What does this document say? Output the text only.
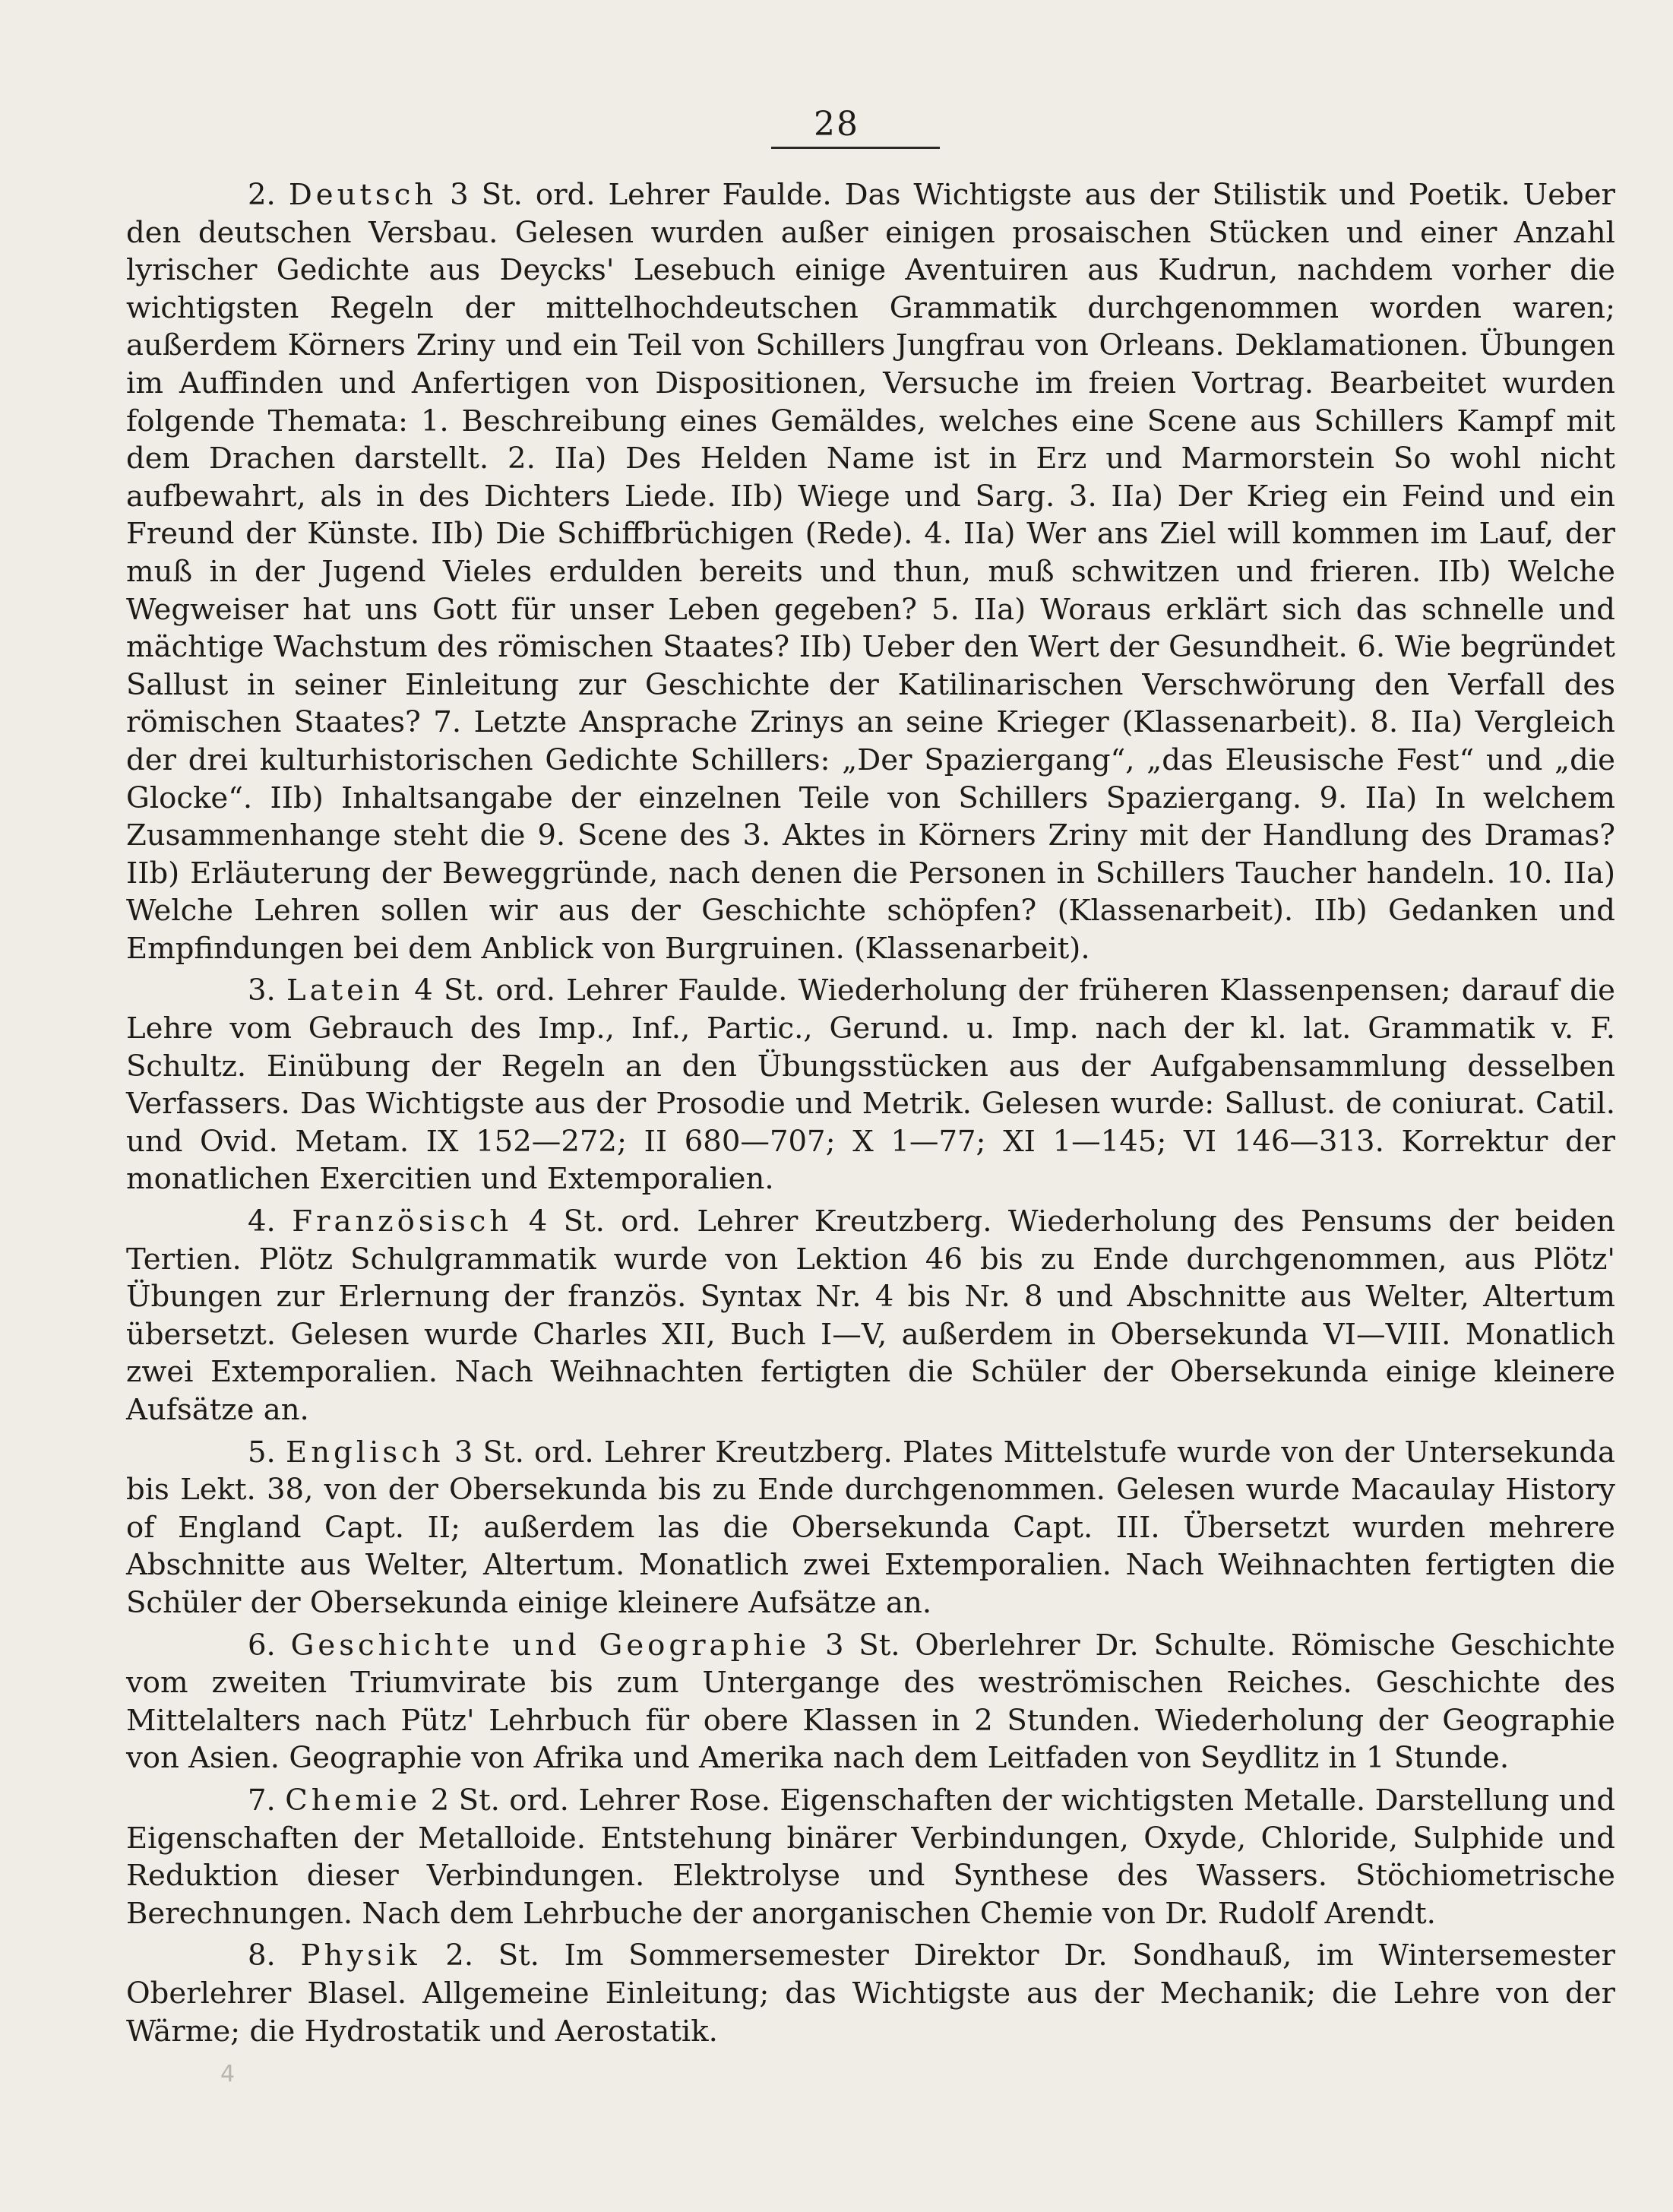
28

2. Deutsch 3 St. ord. Lehrer Faulde. Das Wichtigste aus der Stilistik und Poetik. Ueber den deutschen Versbau. Gelesen wurden außer einigen prosaischen Stücken und einer Anzahl lyrischer Gedichte aus Deycks' Lesebuch einige Aventuiren aus Kudrun, nachdem vorher die wichtigsten Regeln der mittelhochdeutschen Grammatik durchgenommen worden waren; außerdem Körners Zriny und ein Teil von Schillers Jungfrau von Orleans. Deklamationen. Übungen im Auffinden und Anfertigen von Dispositionen, Versuche im freien Vortrag. Bearbeitet wurden folgende Themata: 1. Beschreibung eines Gemäldes, welches eine Scene aus Schillers Kampf mit dem Drachen darstellt. 2. IIa) Des Helden Name ist in Erz und Marmorstein So wohl nicht aufbewahrt, als in des Dichters Liede. IIb) Wiege und Sarg. 3. IIa) Der Krieg ein Feind und ein Freund der Künste. IIb) Die Schiffbrüchigen (Rede). 4. IIa) Wer ans Ziel will kommen im Lauf, der muß in der Jugend Vieles erdulden bereits und thun, muß schwitzen und frieren. IIb) Welche Wegweiser hat uns Gott für unser Leben gegeben? 5. IIa) Woraus erklärt sich das schnelle und mächtige Wachstum des römischen Staates? IIb) Ueber den Wert der Gesundheit. 6. Wie begründet Sallust in seiner Einleitung zur Geschichte der Katilinarischen Verschwörung den Verfall des römischen Staates? 7. Letzte Ansprache Zrinys an seine Krieger (Klassenarbeit). 8. IIa) Vergleich der drei kulturhistorischen Gedichte Schillers: „Der Spaziergang“, „das Eleusische Fest“ und „die Glocke“. IIb) Inhaltsangabe der einzelnen Teile von Schillers Spaziergang. 9. IIa) In welchem Zusammenhange steht die 9. Scene des 3. Aktes in Körners Zriny mit der Handlung des Dramas? IIb) Erläuterung der Beweggründe, nach denen die Personen in Schillers Taucher handeln. 10. IIa) Welche Lehren sollen wir aus der Geschichte schöpfen? (Klassenarbeit). IIb) Gedanken und Empfindungen bei dem Anblick von Burgruinen. (Klassenarbeit).

3. Latein 4 St. ord. Lehrer Faulde. Wiederholung der früheren Klassenpensen; darauf die Lehre vom Gebrauch des Imp., Inf., Partic., Gerund. u. Imp. nach der kl. lat. Grammatik v. F. Schultz. Einübung der Regeln an den Übungsstücken aus der Aufgabensammlung desselben Verfassers. Das Wichtigste aus der Prosodie und Metrik. Gelesen wurde: Sallust. de coniurat. Catil. und Ovid. Metam. IX 152—272; II 680—707; X 1—77; XI 1—145; VI 146—313. Korrektur der monatlichen Exercitien und Extemporalien.

4. Französisch 4 St. ord. Lehrer Kreutzberg. Wiederholung des Pensums der beiden Tertien. Plötz Schulgrammatik wurde von Lektion 46 bis zu Ende durchgenommen, aus Plötz' Übungen zur Erlernung der französ. Syntax Nr. 4 bis Nr. 8 und Abschnitte aus Welter, Altertum übersetzt. Gelesen wurde Charles XII, Buch I—V, außerdem in Obersekunda VI—VIII. Monatlich zwei Extemporalien. Nach Weihnachten fertigten die Schüler der Obersekunda einige kleinere Aufsätze an.

5. Englisch 3 St. ord. Lehrer Kreutzberg. Plates Mittelstufe wurde von der Untersekunda bis Lekt. 38, von der Obersekunda bis zu Ende durchgenommen. Gelesen wurde Macaulay History of England Capt. II; außerdem las die Obersekunda Capt. III. Übersetzt wurden mehrere Abschnitte aus Welter, Altertum. Monatlich zwei Extemporalien. Nach Weihnachten fertigten die Schüler der Obersekunda einige kleinere Aufsätze an.

6. Geschichte und Geographie 3 St. Oberlehrer Dr. Schulte. Römische Geschichte vom zweiten Triumvirate bis zum Untergange des weströmischen Reiches. Geschichte des Mittelalters nach Pütz' Lehrbuch für obere Klassen in 2 Stunden. Wiederholung der Geographie von Asien. Geographie von Afrika und Amerika nach dem Leitfaden von Seydlitz in 1 Stunde.

7. Chemie 2 St. ord. Lehrer Rose. Eigenschaften der wichtigsten Metalle. Darstellung und Eigenschaften der Metalloide. Entstehung binärer Verbindungen, Oxyde, Chloride, Sulphide und Reduktion dieser Verbindungen. Elektrolyse und Synthese des Wassers. Stöchiometrische Berechnungen. Nach dem Lehrbuche der anorganischen Chemie von Dr. Rudolf Arendt.

8. Physik 2. St. Im Sommersemester Direktor Dr. Sondhauß, im Wintersemester Oberlehrer Blasel. Allgemeine Einleitung; das Wichtigste aus der Mechanik; die Lehre von der Wärme; die Hydrostatik und Aerostatik.

4
